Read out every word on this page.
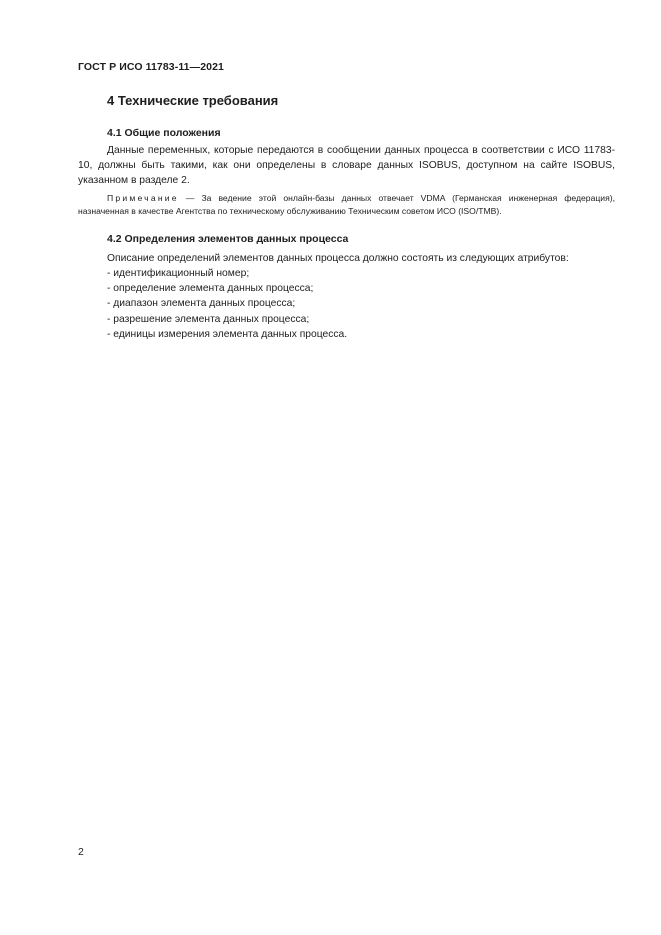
ГОСТ Р ИСО 11783-11—2021
4 Технические требования
4.1 Общие положения

Данные переменных, которые передаются в сообщении данных процесса в соответствии с ИСО 11783-10, должны быть такими, как они определены в словаре данных ISOBUS, доступном на сайте ISOBUS, указанном в разделе 2.

Примечание — За ведение этой онлайн-базы данных отвечает VDMA (Германская инженерная федерация), назначенная в качестве Агентства по техническому обслуживанию Техническим советом ИСО (ISO/TMB).

4.2 Определения элементов данных процесса
Описание определений элементов данных процесса должно состоять из следующих атрибутов:
- идентификационный номер;
- определение элемента данных процесса;
- диапазон элемента данных процесса;
- разрешение элемента данных процесса;
- единицы измерения элемента данных процесса.
2
